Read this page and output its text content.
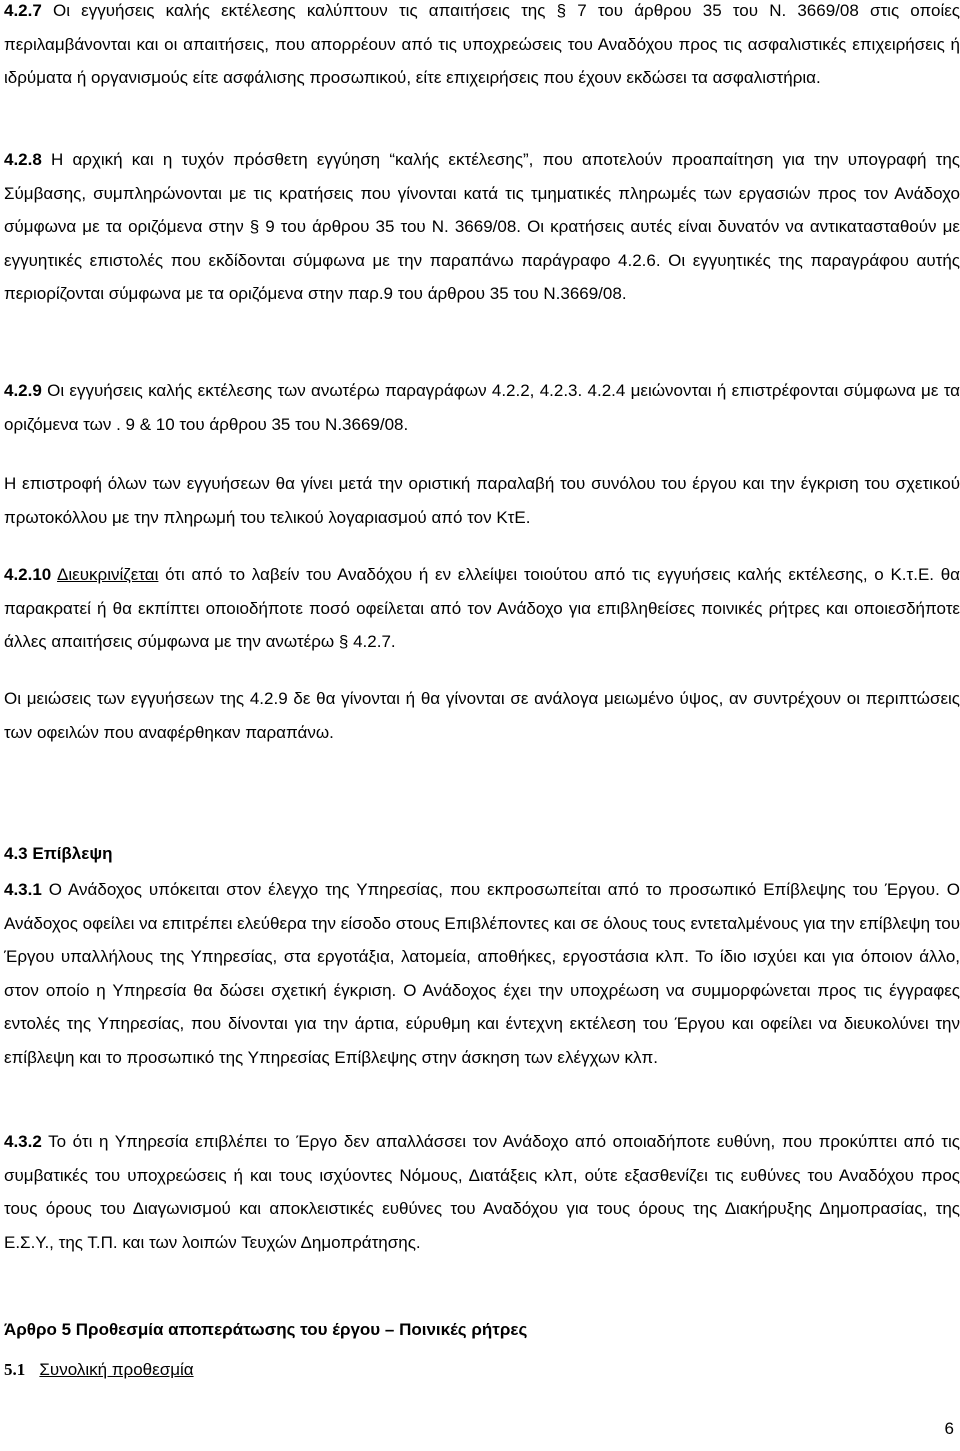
4.2.7 Οι εγγυήσεις καλής εκτέλεσης καλύπτουν τις απαιτήσεις της § 7 του άρθρου 35 του Ν. 3669/08 στις οποίες περιλαμβάνονται και οι απαιτήσεις, που απορρέουν από τις υποχρεώσεις του Αναδόχου προς τις ασφαλιστικές επιχειρήσεις ή ιδρύματα ή οργανισμούς είτε ασφάλισης προσωπικού, είτε επιχειρήσεις που έχουν εκδώσει τα ασφαλιστήρια.

4.2.8 Η αρχική και η τυχόν πρόσθετη εγγύηση “καλής εκτέλεσης”, που αποτελούν προαπαίτηση για την υπογραφή της Σύμβασης, συμπληρώνονται με τις κρατήσεις που γίνονται κατά τις τμηματικές πληρωμές των εργασιών προς τον Ανάδοχο σύμφωνα με τα οριζόμενα στην § 9 του άρθρου 35 του Ν. 3669/08. Οι κρατήσεις αυτές είναι δυνατόν να αντικατασταθούν με εγγυητικές επιστολές που εκδίδονται σύμφωνα με την παραπάνω παράγραφο 4.2.6. Οι εγγυητικές της παραγράφου αυτής περιορίζονται σύμφωνα με τα οριζόμενα στην παρ.9 του άρθρου 35 του Ν.3669/08.

4.2.9 Οι εγγυήσεις καλής εκτέλεσης των ανωτέρω παραγράφων 4.2.2, 4.2.3. 4.2.4 μειώνονται ή επιστρέφονται σύμφωνα με τα οριζόμενα των . 9 & 10 του άρθρου 35 του Ν.3669/08.

Η επιστροφή όλων των εγγυήσεων θα γίνει μετά την οριστική παραλαβή του συνόλου του έργου και την έγκριση του σχετικού πρωτοκόλλου με την πληρωμή του τελικού λογαριασμού από τον ΚτΕ.

4.2.10 Διευκρινίζεται ότι από το λαβείν του Αναδόχου ή εν ελλείψει τοιούτου από τις εγγυήσεις καλής εκτέλεσης, ο Κ.τ.Ε. θα παρακρατεί ή θα εκπίπτει οποιοδήποτε ποσό οφείλεται από τον Ανάδοχο για επιβληθείσες ποινικές ρήτρες και οποιεσδήποτε άλλες απαιτήσεις σύμφωνα με την ανωτέρω § 4.2.7.

Οι μειώσεις των εγγυήσεων της 4.2.9 δε θα γίνονται ή θα γίνονται σε ανάλογα μειωμένο ύψος, αν συντρέχουν οι περιπτώσεις των οφειλών που αναφέρθηκαν παραπάνω.

4.3 Επίβλεψη

4.3.1 Ο Ανάδοχος υπόκειται στον έλεγχο της Υπηρεσίας, που εκπροσωπείται από το προσωπικό Επίβλεψης του Έργου. Ο Ανάδοχος οφείλει να επιτρέπει ελεύθερα την είσοδο στους Επιβλέποντες και σε όλους τους εντεταλμένους για την επίβλεψη του Έργου υπαλλήλους της Υπηρεσίας, στα εργοτάξια, λατομεία, αποθήκες, εργοστάσια κλπ. Το ίδιο ισχύει και για όποιον άλλο, στον οποίο η Υπηρεσία θα δώσει σχετική έγκριση. Ο Ανάδοχος έχει την υποχρέωση να συμμορφώνεται προς τις έγγραφες εντολές της Υπηρεσίας, που δίνονται για την άρτια, εύρυθμη και έντεχνη εκτέλεση του Έργου και οφείλει να διευκολύνει την επίβλεψη και το προσωπικό της Υπηρεσίας Επίβλεψης στην άσκηση των ελέγχων κλπ.

4.3.2 Το ότι η Υπηρεσία επιβλέπει το Έργο δεν απαλλάσσει τον Ανάδοχο από οποιαδήποτε ευθύνη, που προκύπτει από τις συμβατικές του υποχρεώσεις ή και τους ισχύοντες Νόμους, Διατάξεις κλπ, ούτε εξασθενίζει τις ευθύνες του Αναδόχου προς τους όρους του Διαγωνισμού και αποκλειστικές ευθύνες του Αναδόχου για τους όρους της Διακήρυξης Δημοπρασίας, της Ε.Σ.Υ., της Τ.Π. και των λοιπών Τευχών Δημοπράτησης.

Άρθρο 5 Προθεσμία αποπεράτωσης του έργου – Ποινικές ρήτρες

5.1 Συνολική προθεσμία

6
